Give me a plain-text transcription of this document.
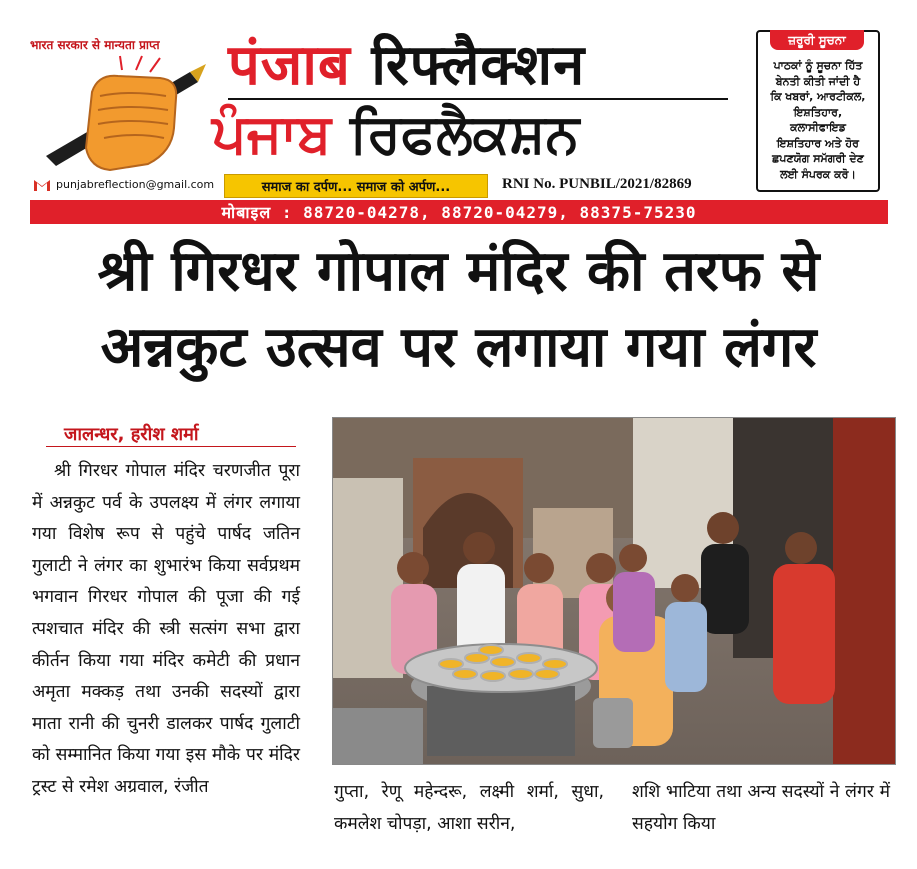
भारत सरकार से मान्यता प्राप्त पंजाब रिफ्लैक्शन
ਪੰਜਾਬ ਰਿਫਲੈਕਸ਼ਨ
punjabreflection@gmail.com	समाज का दर्पण... समाज को अर्पण...	RNI No. PUNBIL/2021/82869
ਜ਼ਰੂਰੀ ਸੂਚਨਾ
ਪਾਠਕਾਂ ਨੂੰ ਸੂਚਨਾ ਹਿੱਤ
ਬੇਨਤੀ ਕੀਤੀ ਜਾਂਦੀ ਹੈ
ਕਿ ਖਬਰਾਂ, ਆਰਟੀਕਲ,
ਇਸ਼ਤਿਹਾਰ,
ਕਲਾਸੀਫਾਇਡ
ਇਸ਼ਤਿਹਾਰ ਅਤੇ ਹੋਰ
ਛਪਣਯੋਗ ਸਮੱਗਰੀ ਦੇਣ
ਲਈ ਸੰਪਰਕ ਕਰੋ।
मोबाइल : 88720-04278, 88720-04279, 88375-75230
श्री गिरधर गोपाल मंदिर की तरफ से
अन्नकुट उत्सव पर लगाया गया लंगर
जालन्धर, हरीश शर्मा

श्री गिरधर गोपाल मंदिर चरणजीत पूरा में अन्नकुट पर्व के उपलक्ष्य में लंगर लगाया गया विशेष रूप से पहुंचे पार्षद जतिन गुलाटी ने लंगर का शुभारंभ किया सर्वप्रथम भगवान गिरधर गोपाल की पूजा की गई त्पशचात मंदिर की स्त्री सत्संग सभा द्वारा कीर्तन किया गया मंदिर कमेटी की प्रधान अमृता मक्कड़ तथा उनकी सदस्यों द्वारा माता रानी की चुनरी डालकर पार्षद गुलाटी को सम्मानित किया गया इस मौके पर मंदिर ट्रस्ट से रमेश अग्रवाल, रंजीत	गुप्ता, रेणू महेन्दरू, लक्ष्मी शर्मा, सुधा, कमलेश चोपड़ा, आशा सरीन,

शशि भाटिया तथा अन्य सदस्यों ने लंगर में सहयोग किया
